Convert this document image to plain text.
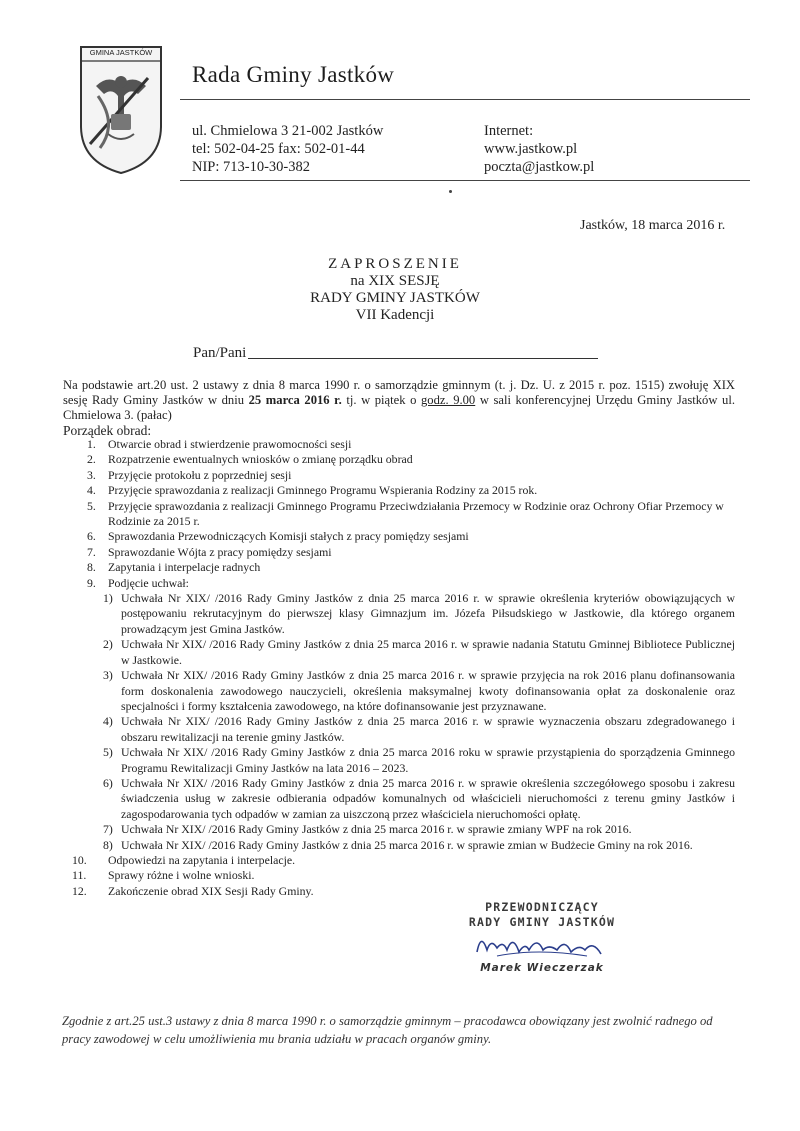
GMINA JASTKÓW
Rada Gminy Jastków
ul. Chmielowa 3 21-002 Jastków
tel: 502-04-25 fax: 502-01-44
NIP: 713-10-30-382
Internet:
www.jastkow.pl
poczta@jastkow.pl
Jastków, 18 marca 2016 r.
ZAPROSZENIE
na XIX SESJĘ
RADY GMINY JASTKÓW
VII Kadencji
Pan/Pani
Na podstawie art.20 ust. 2 ustawy z dnia 8 marca 1990 r. o samorządzie gminnym (t. j. Dz. U. z 2015 r. poz. 1515) zwołuję XIX sesję Rady Gminy Jastków w dniu 25 marca 2016 r. tj. w piątek o godz. 9.00 w sali konferencyjnej Urzędu Gminy Jastków ul. Chmielowa 3. (pałac)
Porządek obrad:
1. Otwarcie obrad i stwierdzenie prawomocności sesji
2. Rozpatrzenie ewentualnych wniosków o zmianę porządku obrad
3. Przyjęcie protokołu z poprzedniej sesji
4. Przyjęcie sprawozdania z realizacji Gminnego Programu Wspierania Rodziny za 2015 rok.
5. Przyjęcie sprawozdania z realizacji Gminnego Programu Przeciwdziałania Przemocy w Rodzinie oraz Ochrony Ofiar Przemocy w Rodzinie za 2015 r.
6. Sprawozdania Przewodniczących Komisji stałych z pracy pomiędzy sesjami
7. Sprawozdanie Wójta z pracy pomiędzy sesjami
8. Zapytania i interpelacje radnych
9. Podjęcie uchwał:
1) Uchwała Nr XIX/ /2016 Rady Gminy Jastków z dnia 25 marca 2016 r. w sprawie określenia kryteriów obowiązujących w postępowaniu rekrutacyjnym do pierwszej klasy Gimnazjum im. Józefa Piłsudskiego w Jastkowie, dla którego organem prowadzącym jest Gmina Jastków.
2) Uchwała Nr XIX/ /2016 Rady Gminy Jastków z dnia 25 marca 2016 r. w sprawie nadania Statutu Gminnej Bibliotece Publicznej w Jastkowie.
3) Uchwała Nr XIX/ /2016 Rady Gminy Jastków z dnia 25 marca 2016 r. w sprawie przyjęcia na rok 2016 planu dofinansowania form doskonalenia zawodowego nauczycieli, określenia maksymalnej kwoty dofinansowania opłat za doskonalenie oraz specjalności i formy kształcenia zawodowego, na które dofinansowanie jest przyznawane.
4) Uchwała Nr XIX/ /2016 Rady Gminy Jastków z dnia 25 marca 2016 r. w sprawie wyznaczenia obszaru zdegradowanego i obszaru rewitalizacji na terenie gminy Jastków.
5) Uchwała Nr XIX/ /2016 Rady Gminy Jastków z dnia 25 marca 2016 roku w sprawie przystąpienia do sporządzenia Gminnego Programu Rewitalizacji Gminy Jastków na lata 2016 – 2023.
6) Uchwała Nr XIX/ /2016 Rady Gminy Jastków z dnia 25 marca 2016 r. w sprawie określenia szczegółowego sposobu i zakresu świadczenia usług w zakresie odbierania odpadów komunalnych od właścicieli nieruchomości z terenu gminy Jastków i zagospodarowania tych odpadów w zamian za uiszczoną przez właściciela nieruchomości opłatę.
7) Uchwała Nr XIX/ /2016 Rady Gminy Jastków z dnia 25 marca 2016 r. w sprawie zmiany WPF na rok 2016.
8) Uchwała Nr XIX/ /2016 Rady Gminy Jastków z dnia 25 marca 2016 r. w sprawie zmian w Budżecie Gminy na rok 2016.
10. Odpowiedzi na zapytania i interpelacje.
11. Sprawy różne i wolne wnioski.
12. Zakończenie obrad XIX Sesji Rady Gminy.
PRZEWODNICZĄCY
RADY GMINY JASTKÓW
Marek Wieczerzak
Zgodnie z art.25 ust.3 ustawy z dnia 8 marca 1990 r. o samorządzie gminnym – pracodawca obowiązany jest zwolnić radnego od pracy zawodowej w celu umożliwienia mu brania udziału w pracach organów gminy.
